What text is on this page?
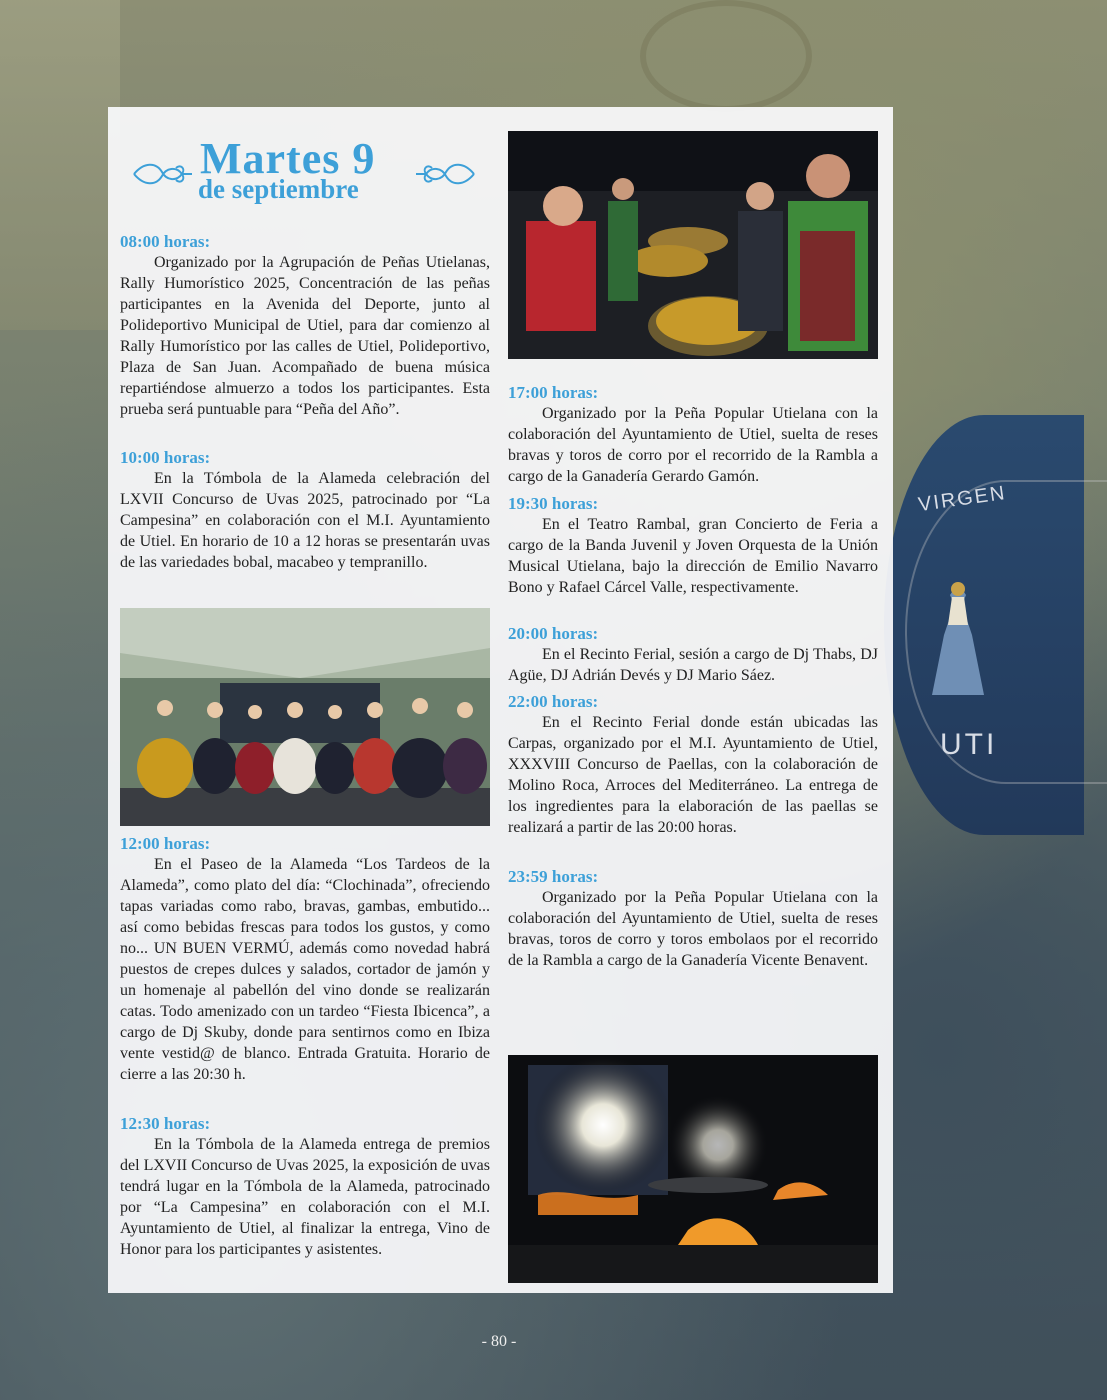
VIRGEN
UTI
Martes 9
de septiembre
08:00 horas:

Organizado por la Agrupación de Peñas Utielanas, Rally Humorístico 2025, Concentración de las peñas participantes en la Avenida del Deporte, junto al Polideportivo Municipal de Utiel, para dar comienzo al Rally Humorístico por las calles de Utiel, Polideportivo, Plaza de San Juan. Acompañado de buena música repartiéndose almuerzo a todos los participantes. Esta prueba será puntuable para “Peña del Año”.

10:00 horas:

En la Tómbola de la Alameda celebración del LXVII Concurso de Uvas 2025, patrocinado por “La Campesina” en colaboración con el M.I. Ayuntamiento de Utiel. En horario de 10 a 12 horas se presentarán uvas de las variedades bobal, macabeo y tempranillo.

12:00 horas:

En el Paseo de la Alameda “Los Tardeos de la Alameda”, como plato del día: “Clochinada”, ofreciendo tapas variadas como rabo, bravas, gambas, embutido... así como bebidas frescas para todos los gustos, y como no... UN BUEN VERMÚ, además como novedad habrá puestos de crepes dulces y salados, cortador de jamón y un homenaje al pabellón del vino donde se realizarán catas. Todo amenizado con un tardeo “Fiesta Ibicenca”, a cargo de Dj Skuby, donde para sentirnos como en Ibiza vente vestid@ de blanco. Entrada Gratuita. Horario de cierre a las 20:30 h.

12:30 horas:

En la Tómbola de la Alameda entrega de premios del LXVII Concurso de Uvas 2025, la exposición de uvas tendrá lugar en la Tómbola de la Alameda, patrocinado por “La Campesina” en colaboración con el M.I. Ayuntamiento de Utiel, al finalizar la entrega, Vino de Honor para los participantes y asistentes.

17:00 horas:

Organizado por la Peña Popular Utielana con la colaboración del Ayuntamiento de Utiel, suelta de reses bravas y toros de corro por el recorrido de la Rambla a cargo de la Ganadería Gerardo Gamón.

19:30 horas:

En el Teatro Rambal, gran Concierto de Feria a cargo de la Banda Juvenil y Joven Orquesta de la Unión Musical Utielana, bajo la dirección de Emilio Navarro Bono y Rafael Cárcel Valle, respectivamente.

20:00 horas:

En el Recinto Ferial, sesión a cargo de Dj Thabs, DJ Agüe, DJ Adrián Devés y DJ Mario Sáez.

22:00 horas:

En el Recinto Ferial donde están ubicadas las Carpas, organizado por el M.I. Ayuntamiento de Utiel, XXXVIII Concurso de Paellas, con la colaboración de Molino Roca, Arroces del Mediterráneo. La entrega de los ingredientes para la elaboración de las paellas se realizará a partir de las 20:00 horas.

23:59 horas:

Organizado por la Peña Popular Utielana con la colaboración del Ayuntamiento de Utiel, suelta de reses bravas, toros de corro y toros embolaos por el recorrido de la Rambla a cargo de la Ganadería Vicente Benavent.

- 80 -
